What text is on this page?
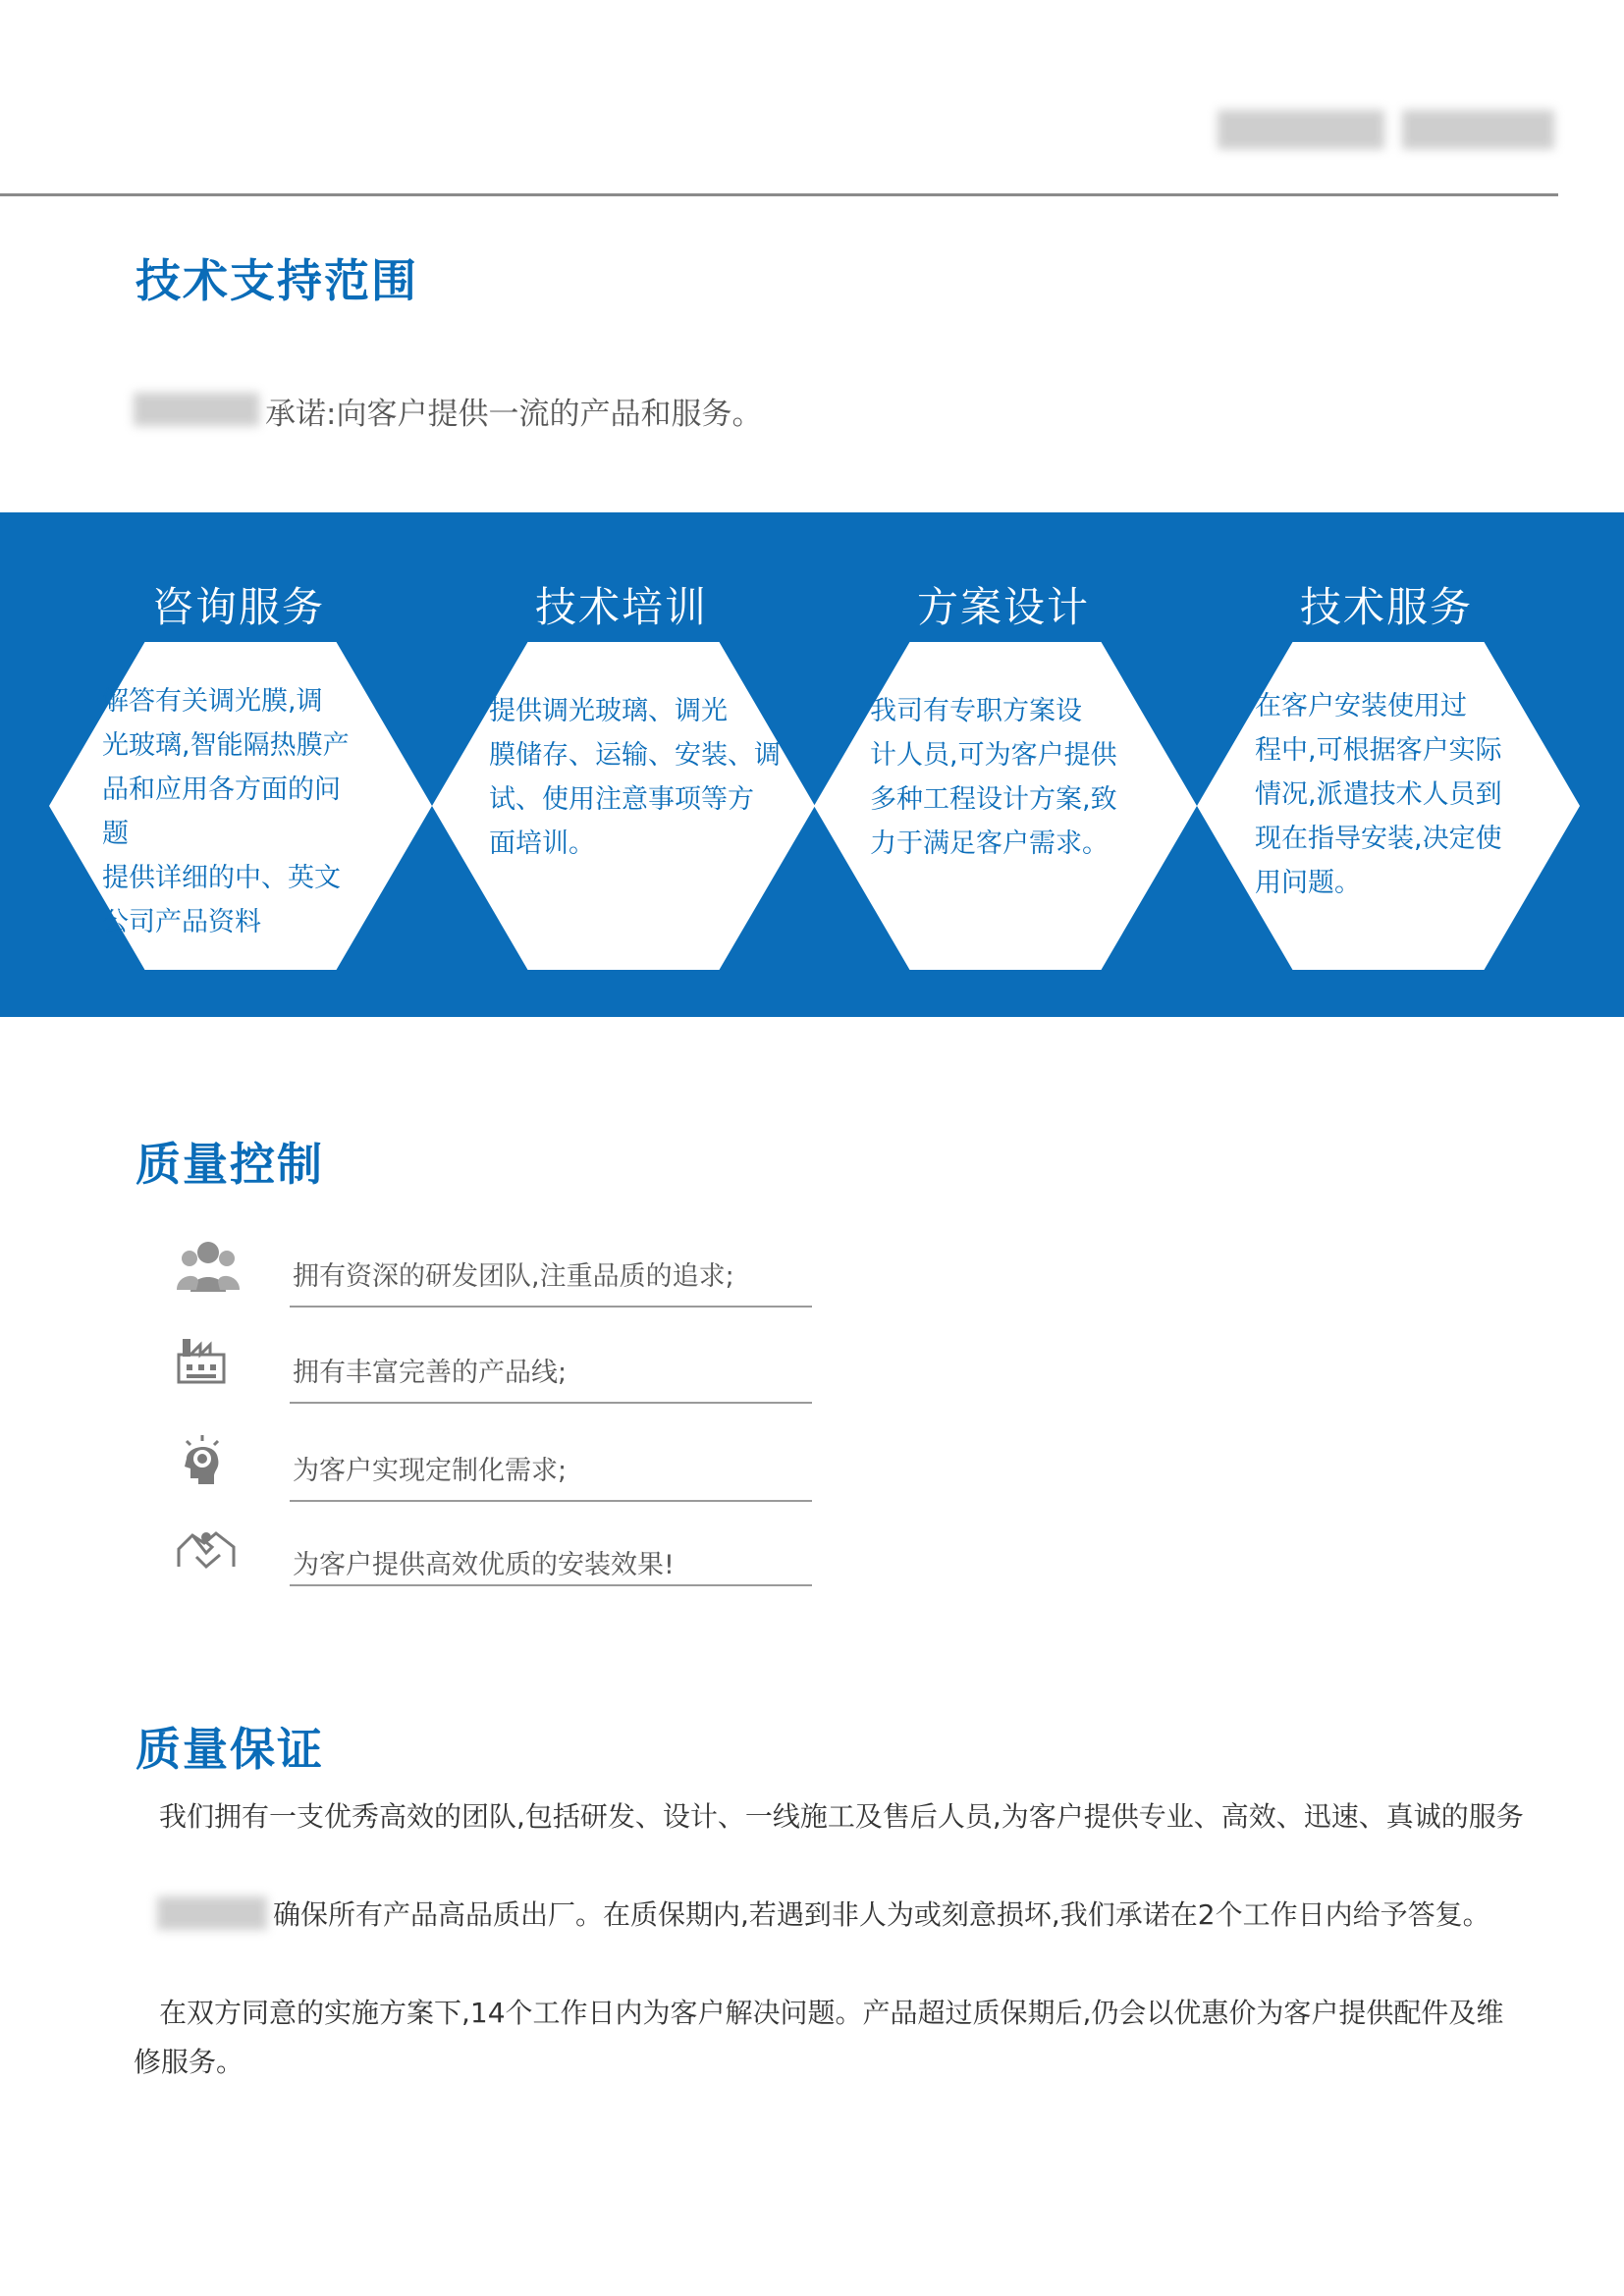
技术支持范围
承诺:向客户提供一流的产品和服务。
咨询服务	技术培训	方案设计	技术服务
解答有关调光膜,调
光玻璃,智能隔热膜产
品和应用各方面的问
题
提供详细的中、英文
公司产品资料
提供调光玻璃、调光
膜储存、运输、安装、调
试、使用注意事项等方
面培训。
我司有专职方案设
计人员,可为客户提供
多种工程设计方案,致
力于满足客户需求。
在客户安装使用过
程中,可根据客户实际
情况,派遣技术人员到
现在指导安装,决定使
用问题。
质量控制
拥有资深的研发团队,注重品质的追求;
拥有丰富完善的产品线;
为客户实现定制化需求;
为客户提供高效优质的安装效果!
质量保证
我们拥有一支优秀高效的团队,包括研发、设计、一线施工及售后人员,为客户提供专业、高效、迅速、真诚的服务
确保所有产品高品质出厂。在质保期内,若遇到非人为或刻意损坏,我们承诺在2个工作日内给予答复。
在双方同意的实施方案下,14个工作日内为客户解决问题。产品超过质保期后,仍会以优惠价为客户提供配件及维
修服务。
